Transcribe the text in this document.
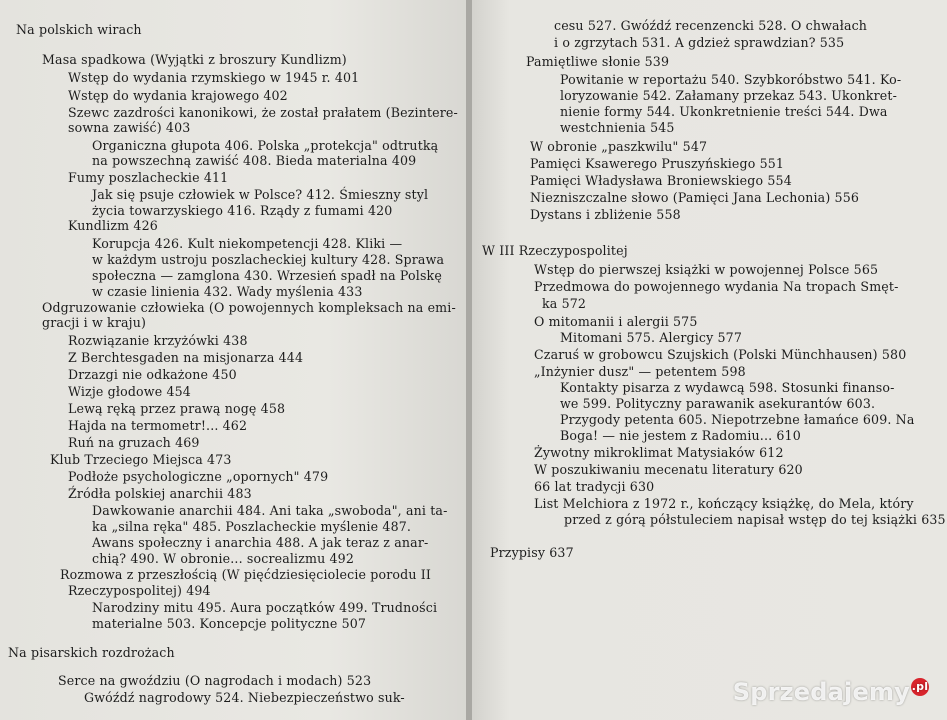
Na polskich wirach
Masa spadkowa (Wyjątki z broszury Kundlizm)
Wstęp do wydania rzymskiego w 1945 r. 401
Wstęp do wydania krajowego 402
Szewc zazdrości kanonikowi, że został prałatem (Bezintere-
sowna zawiść) 403
Organiczna głupota 406. Polska „protekcja" odtrutką
na powszechną zawiść 408. Bieda materialna 409
Fumy poszlacheckie 411
Jak się psuje człowiek w Polsce? 412. Śmieszny styl
życia towarzyskiego 416. Rządy z fumami 420
Kundlizm 426
Korupcja 426. Kult niekompetencji 428. Kliki —
w każdym ustroju poszlacheckiej kultury 428. Sprawa
społeczna — zamglona 430. Wrzesień spadł na Polskę
w czasie linienia 432. Wady myślenia 433
Odgruzowanie człowieka (O powojennych kompleksach na emi-
gracji i w kraju)
Rozwiązanie krzyżówki 438
Z Berchtesgaden na misjonarza 444
Drzazgi nie odkażone 450
Wizje głodowe 454
Lewą ręką przez prawą nogę 458
Hajda na termometr!... 462
Ruń na gruzach 469
Klub Trzeciego Miejsca 473
Podłoże psychologiczne „opornych" 479
Źródła polskiej anarchii 483
Dawkowanie anarchii 484. Ani taka „swoboda", ani ta-
ka „silna ręka" 485. Poszlacheckie myślenie 487.
Awans społeczny i anarchia 488. A jak teraz z anar-
chią? 490. W obronie... socrealizmu 492
Rozmowa z przeszłością (W pięćdziesięciolecie porodu II
Rzeczypospolitej) 494
Narodziny mitu 495. Aura początków 499. Trudności
materialne 503. Koncepcje polityczne 507
Na pisarskich rozdrożach
Serce na gwoździu (O nagrodach i modach) 523
Gwóźdź nagrodowy 524. Niebezpieczeństwo suk-
cesu 527. Gwóźdź recenzencki 528. O chwałach
i o zgrzytach 531. A gdzież sprawdzian? 535
Pamiętliwe słonie 539
Powitanie w reportażu 540. Szybkoróbstwo 541. Ko-
loryzowanie 542. Załamany przekaz 543. Ukonkret-
nienie formy 544. Ukonkretnienie treści 544. Dwa
westchnienia 545
W obronie „paszkwilu" 547
Pamięci Ksawerego Pruszyńskiego 551
Pamięci Władysława Broniewskiego 554
Niezniszczalne słowo (Pamięci Jana Lechonia) 556
Dystans i zbliżenie 558
W III Rzeczypospolitej
Wstęp do pierwszej książki w powojennej Polsce 565
Przedmowa do powojennego wydania Na tropach Smęt-
ka 572
O mitomanii i alergii 575
Mitomani 575. Alergicy 577
Czaruś w grobowcu Szujskich (Polski Münchhausen) 580
„Inżynier dusz" — petentem 598
Kontakty pisarza z wydawcą 598. Stosunki finanso-
we 599. Polityczny parawanik asekurantów 603.
Przygody petenta 605. Niepotrzebne łamańce 609. Na
Boga! — nie jestem z Radomiu... 610
Żywotny mikroklimat Matysiaków 612
W poszukiwaniu mecenatu literatury 620
66 lat tradycji 630
List Melchiora z 1972 r., kończący książkę, do Mela, który
przed z górą półstuleciem napisał wstęp do tej książki 635
Przypisy 637
Sprzedajemy .pl
